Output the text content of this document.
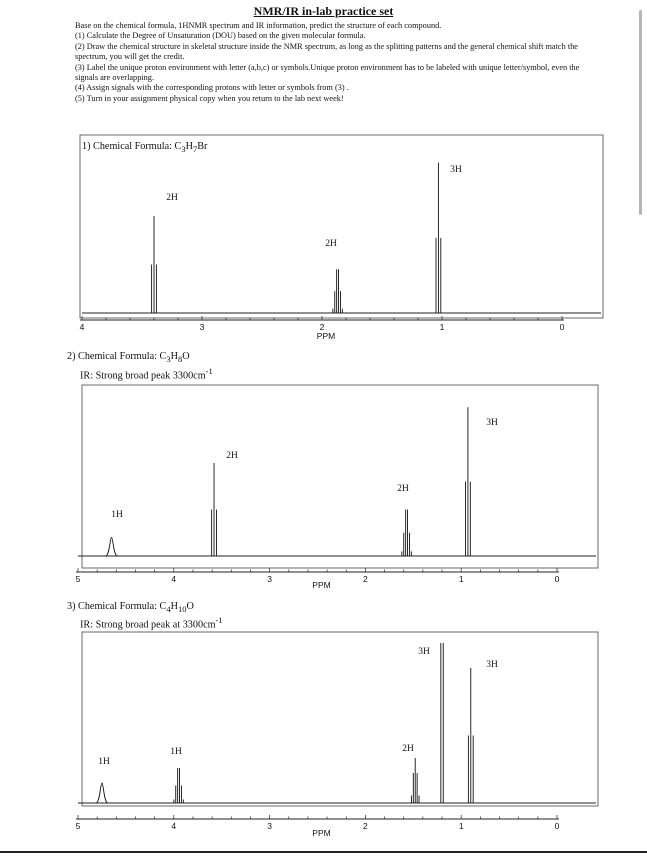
NMR/IR in-lab practice set

Base on the chemical formula, 1HNMR spectrum and IR information, predict the structure of each compound.

(1) Calculate the Degree of Unsaturation (DOU) based on the given molecular formula.

(2) Draw the chemical structure in skeletal structure inside the NMR spectrum, as long as the splitting patterns and the general chemical shift match the spectrum, you will get the credit.

(3) Label the unique proton environment with letter (a,b,c) or symbols.Unique proton environment has to be labeled with unique letter/symbol, even the signals are overlapping.

(4) Assign signals with the corresponding protons with letter or symbols from (3) .

(5) Turn in your assignment physical copy when you return to the lab next week!

1) Chemical Formula: $C_3H_7Br$
2) Chemical Formula: $C_3H_8O$
IR: Strong broad peak $3300cm^{-1}$
3) Chemical Formula: $C_4H_{10}O$
IR: Strong broad peak at $3300cm^{-1}$
4	3	2	1	0
PPM
2H
2H
3H
5	4	3	2	1	0
PPM
1H
2H
2H
3H
5	4	3	2	1	0
PPM
1H
1H	2H
3H
3H
